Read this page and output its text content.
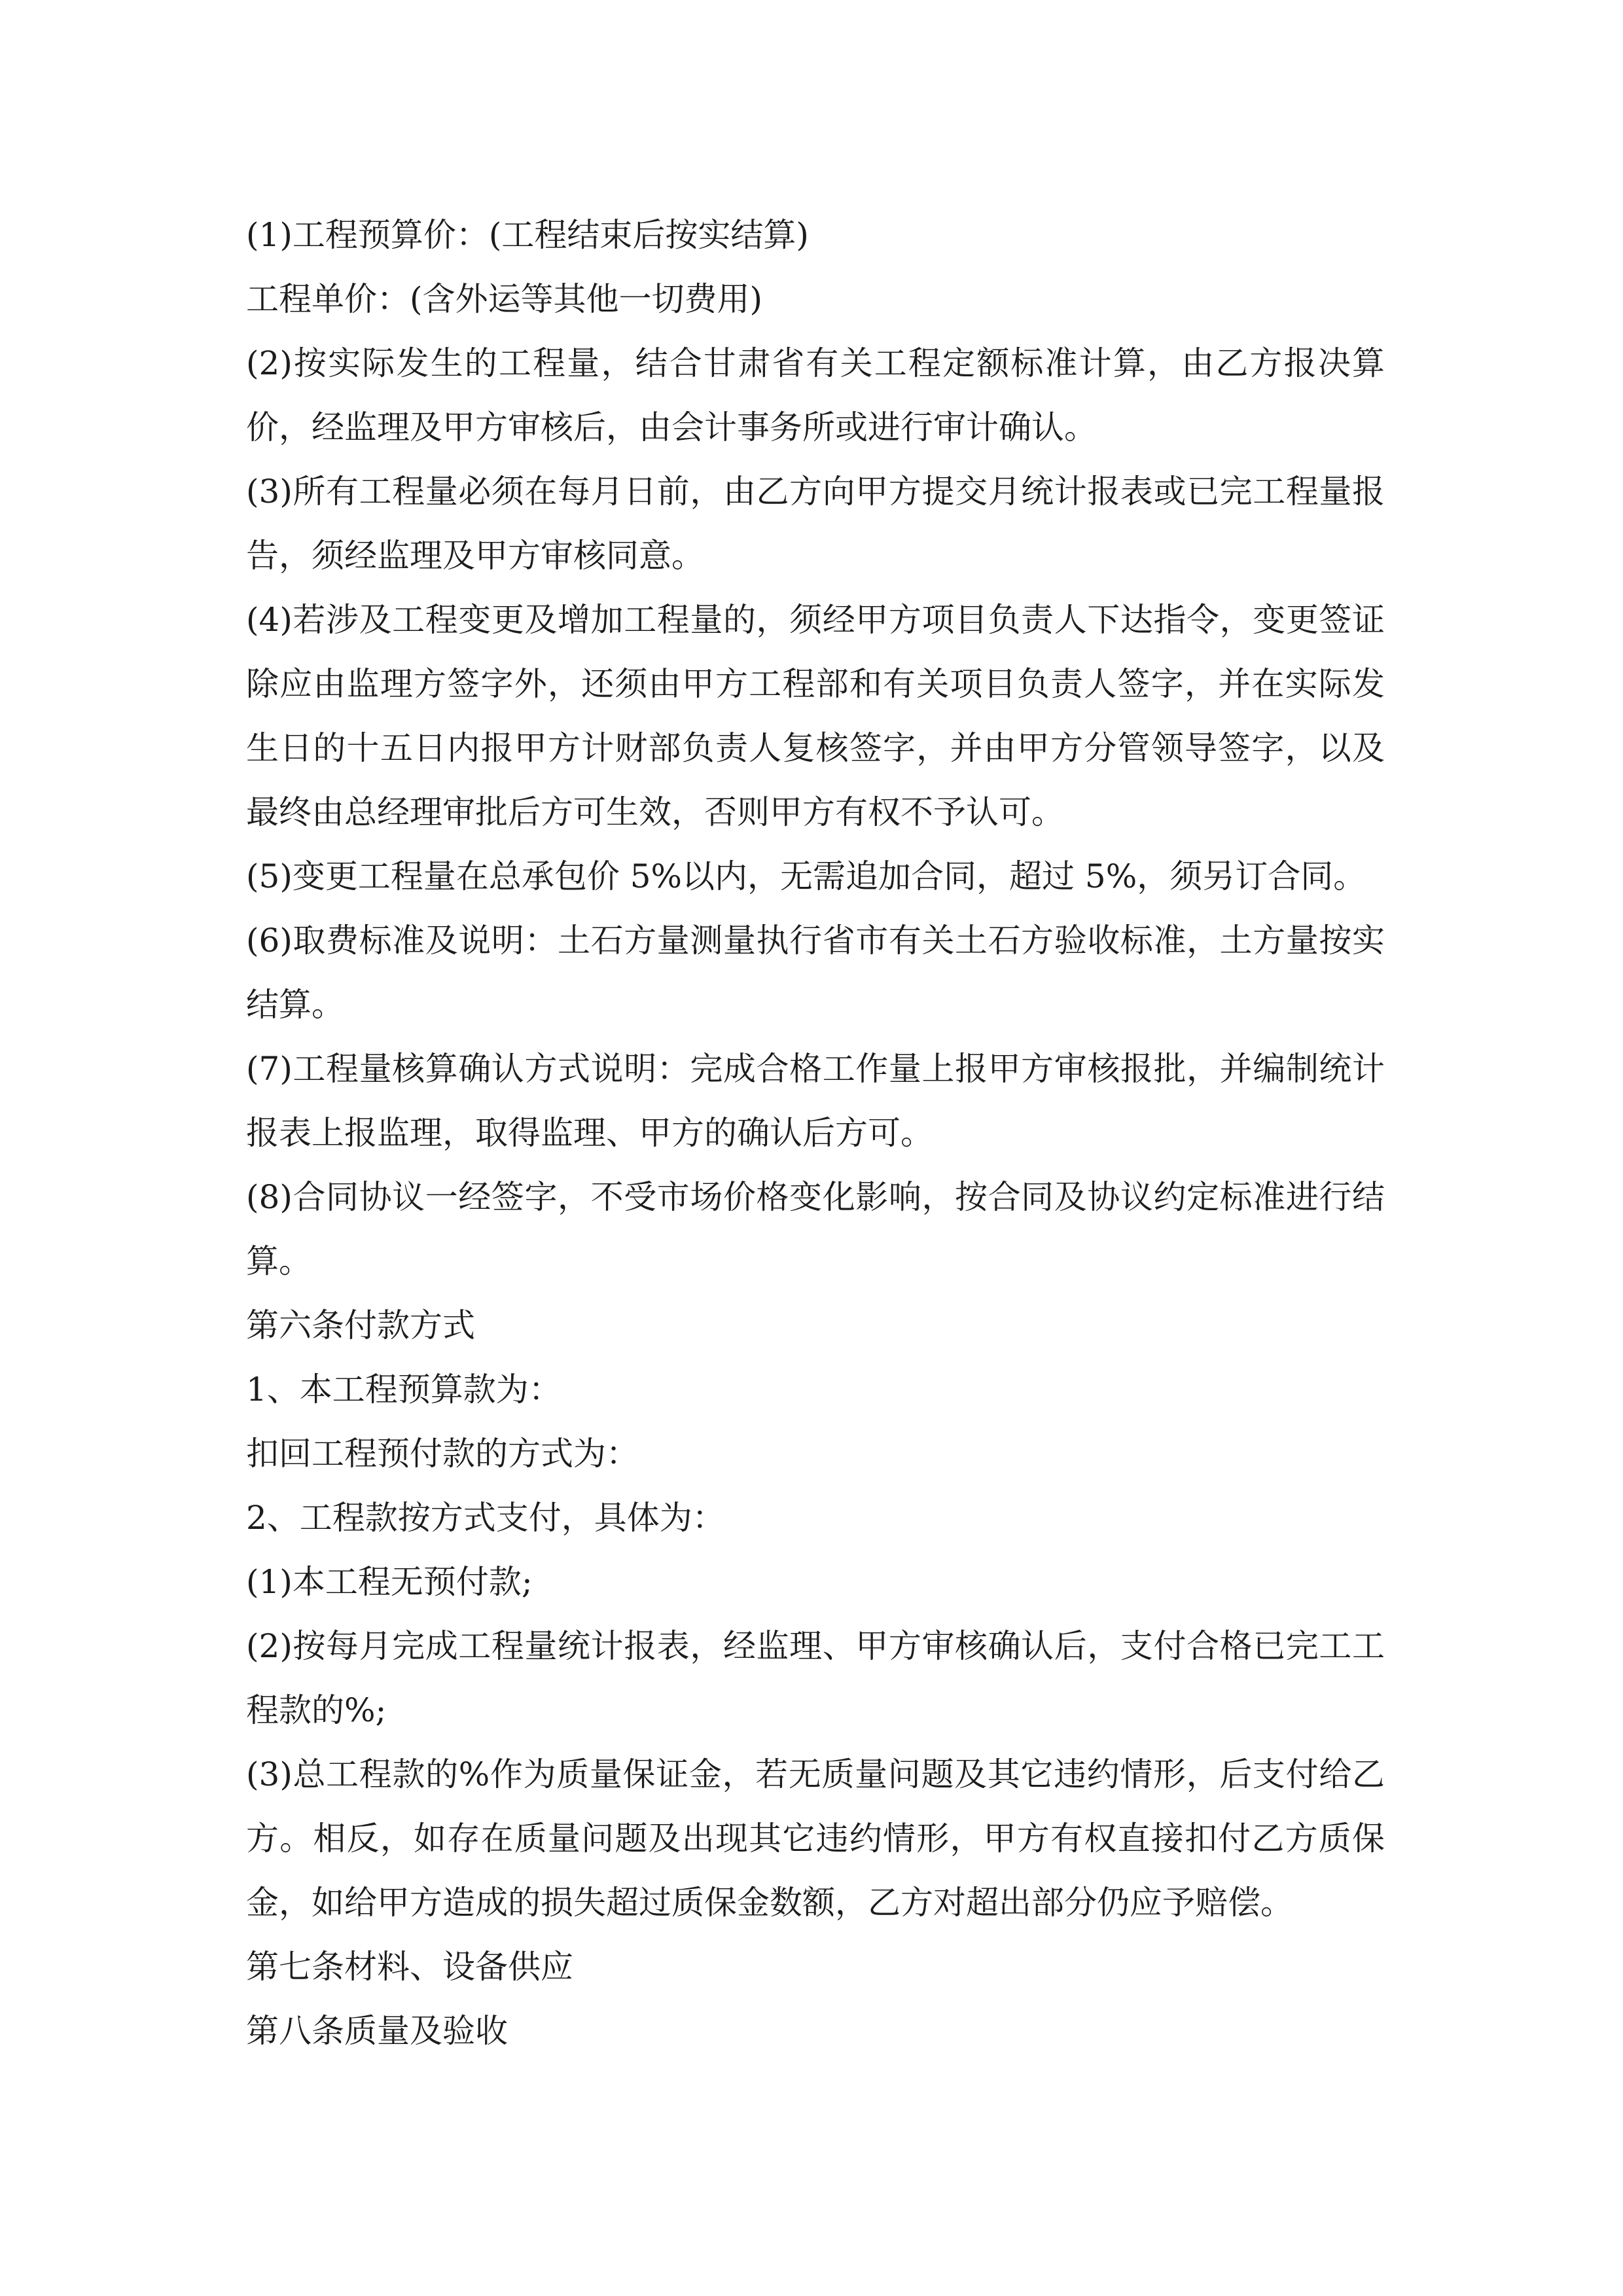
(1)工程预算价：(工程结束后按实结算)

工程单价：(含外运等其他一切费用)

(2)按实际发生的工程量，结合甘肃省有关工程定额标准计算，由乙方报决算价，经监理及甲方审核后，由会计事务所或进行审计确认。

(3)所有工程量必须在每月日前，由乙方向甲方提交月统计报表或已完工程量报告，须经监理及甲方审核同意。

(4)若涉及工程变更及增加工程量的，须经甲方项目负责人下达指令，变更签证除应由监理方签字外，还须由甲方工程部和有关项目负责人签字，并在实际发生日的十五日内报甲方计财部负责人复核签字，并由甲方分管领导签字，以及最终由总经理审批后方可生效，否则甲方有权不予认可。

(5)变更工程量在总承包价 5%以内，无需追加合同，超过 5%，须另订合同。

(6)取费标准及说明：土石方量测量执行省市有关土石方验收标准，土方量按实结算。

(7)工程量核算确认方式说明：完成合格工作量上报甲方审核报批，并编制统计报表上报监理，取得监理、甲方的确认后方可。

(8)合同协议一经签字，不受市场价格变化影响，按合同及协议约定标准进行结算。

第六条付款方式

1、本工程预算款为：

扣回工程预付款的方式为：

2、工程款按方式支付，具体为：

(1)本工程无预付款;

(2)按每月完成工程量统计报表，经监理、甲方审核确认后，支付合格已完工工程款的%;

(3)总工程款的%作为质量保证金，若无质量问题及其它违约情形，后支付给乙方。相反，如存在质量问题及出现其它违约情形，甲方有权直接扣付乙方质保金，如给甲方造成的损失超过质保金数额，乙方对超出部分仍应予赔偿。

第七条材料、设备供应

第八条质量及验收
